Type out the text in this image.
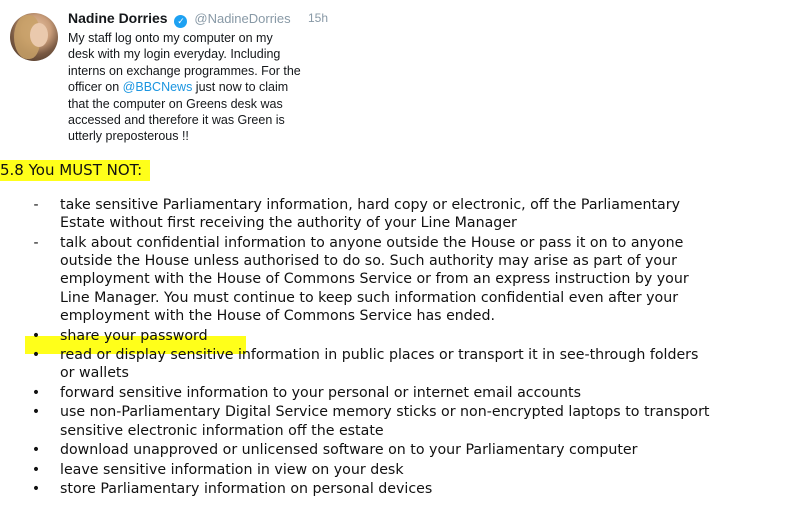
Nadine Dorries ✓ @NadineDorries 15h
My staff log onto my computer on my
desk with my login everyday. Including
interns on exchange programmes. For the
officer on @BBCNews just now to claim
that the computer on Greens desk was
accessed and therefore it was Green is
utterly preposterous !!
5.8 You MUST NOT:
- take sensitive Parliamentary information, hard copy or electronic, off the Parliamentary
Estate without first receiving the authority of your Line Manager
- talk about confidential information to anyone outside the House or pass it on to anyone
outside the House unless authorised to do so. Such authority may arise as part of your
employment with the House of Commons Service or from an express instruction by your
Line Manager. You must continue to keep such information confidential even after your
employment with the House of Commons Service has ended.
• share your password
• read or display sensitive information in public places or transport it in see-through folders
or wallets
• forward sensitive information to your personal or internet email accounts
• use non-Parliamentary Digital Service memory sticks or non-encrypted laptops to transport
sensitive electronic information off the estate
• download unapproved or unlicensed software on to your Parliamentary computer
• leave sensitive information in view on your desk
• store Parliamentary information on personal devices
